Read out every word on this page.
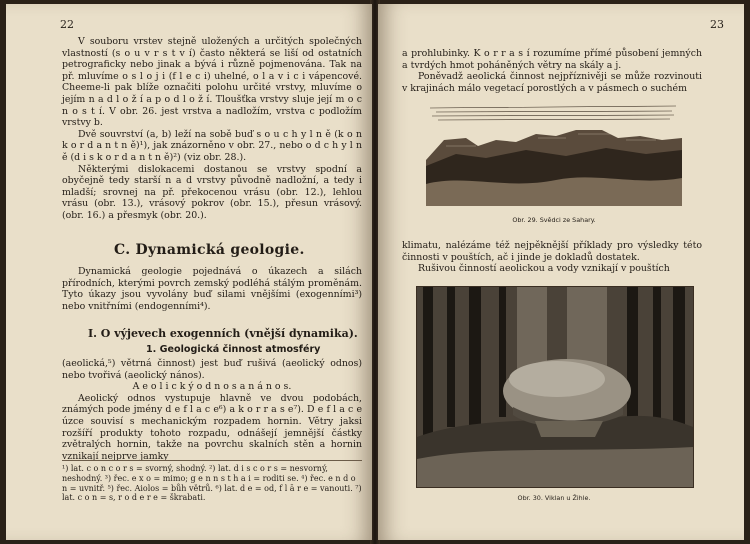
22

V souboru vrstev stejně uložených a určitých společných vlastností (s o u v r s t v í) často některá se liší od ostatních petrograficky nebo jinak a bývá i různě pojmenována. Tak na př. mluvíme o s l o j i (f l e c i) uhelné, o l a v i c i vápencové. Cheeme-li pak blíže označiti polohu určité vrstvy, mluvíme o jejím n a d l o ž í a p o d l o ž í. Tloušťka vrstvy sluje její m o c n o s t í. V obr. 26. jest vrstva a nadložím, vrstva c podložím vrstvy b.

Dvě souvrství (a, b) leží na sobě buď s o u c h y l n ě (k o n k o r d a n t n ě)¹), jak znázorněno v obr. 27., nebo o d c h y l n ě (d i s k o r d a n t n ě)²) (viz obr. 28.).

Některými dislokacemi dostanou se vrstvy spodní a obyčejně tedy starší n a d vrstvy původně nadložní, a tedy i mladší; srovnej na př. překocenou vrásu (obr. 12.), lehlou vrásu (obr. 13.), vrásový pokrov (obr. 15.), přesun vrásový. (obr. 16.) a přesmyk (obr. 20.).

C. Dynamická geologie.

Dynamická geologie pojednává o úkazech a silách přírodních, kterými povrch zemský podléhá stálým proměnám. Tyto úkazy jsou vyvolány buď silami vnějšími (exogenními³) nebo vnitřními (endogenními⁴).

I. O výjevech exogenních (vnější dynamika).
1. Geologická činnost atmosféry

(aeolická,⁵) větrná činnost) jest buď rušivá (aeolický odnos) nebo tvořivá (aeolický nános).

A e o l i c k ý o d n o s a n á n o s.

Aeolický odnos vystupuje hlavně ve dvou podobách, známých pode jmény d e f l a c e⁶) a k o r r a s e⁷). D e f l a c e úzce souvisí s mechanickým rozpadem hornin. Větry jaksi rozšíří produkty tohoto rozpadu, odnášejí jemnější částky zvětralých hornin, takže na povrchu skalních stěn a hornin vznikají nejprve jamky

¹) lat. c o n c o r s = svorný, shodný. ²) lat. d i s c o r s = nesvorný, neshodný. ³) řec. e x o = mimo; g e n n s t h a i = roditi se. ⁴) řec. e n d o n = uvnitř. ⁵) řec. Aiolos = bůh větrů. ⁶) lat. d e = od, f l ā r e = vanouti. ⁷) lat. c o n = s, r o d e r e = škrabati.

23

a prohlubinky. K o r r a s í rozumíme přímé působení jemných a tvrdých hmot poháněných větry na skály a j.

Poněvadž aeolická činnost nejpříznivěji se může rozvinouti v krajinách málo vegetací porostlých a v pásmech o suchém

Obr. 29. Svědci ze Sahary.

klimatu, nalézáme též nejpěknější příklady pro výsledky této činnosti v pouštích, ač i jinde je dokladů dostatek.

Rušivou činností aeolickou a vody vznikají v pouštích

Obr. 30. Viklan u Žihle.
